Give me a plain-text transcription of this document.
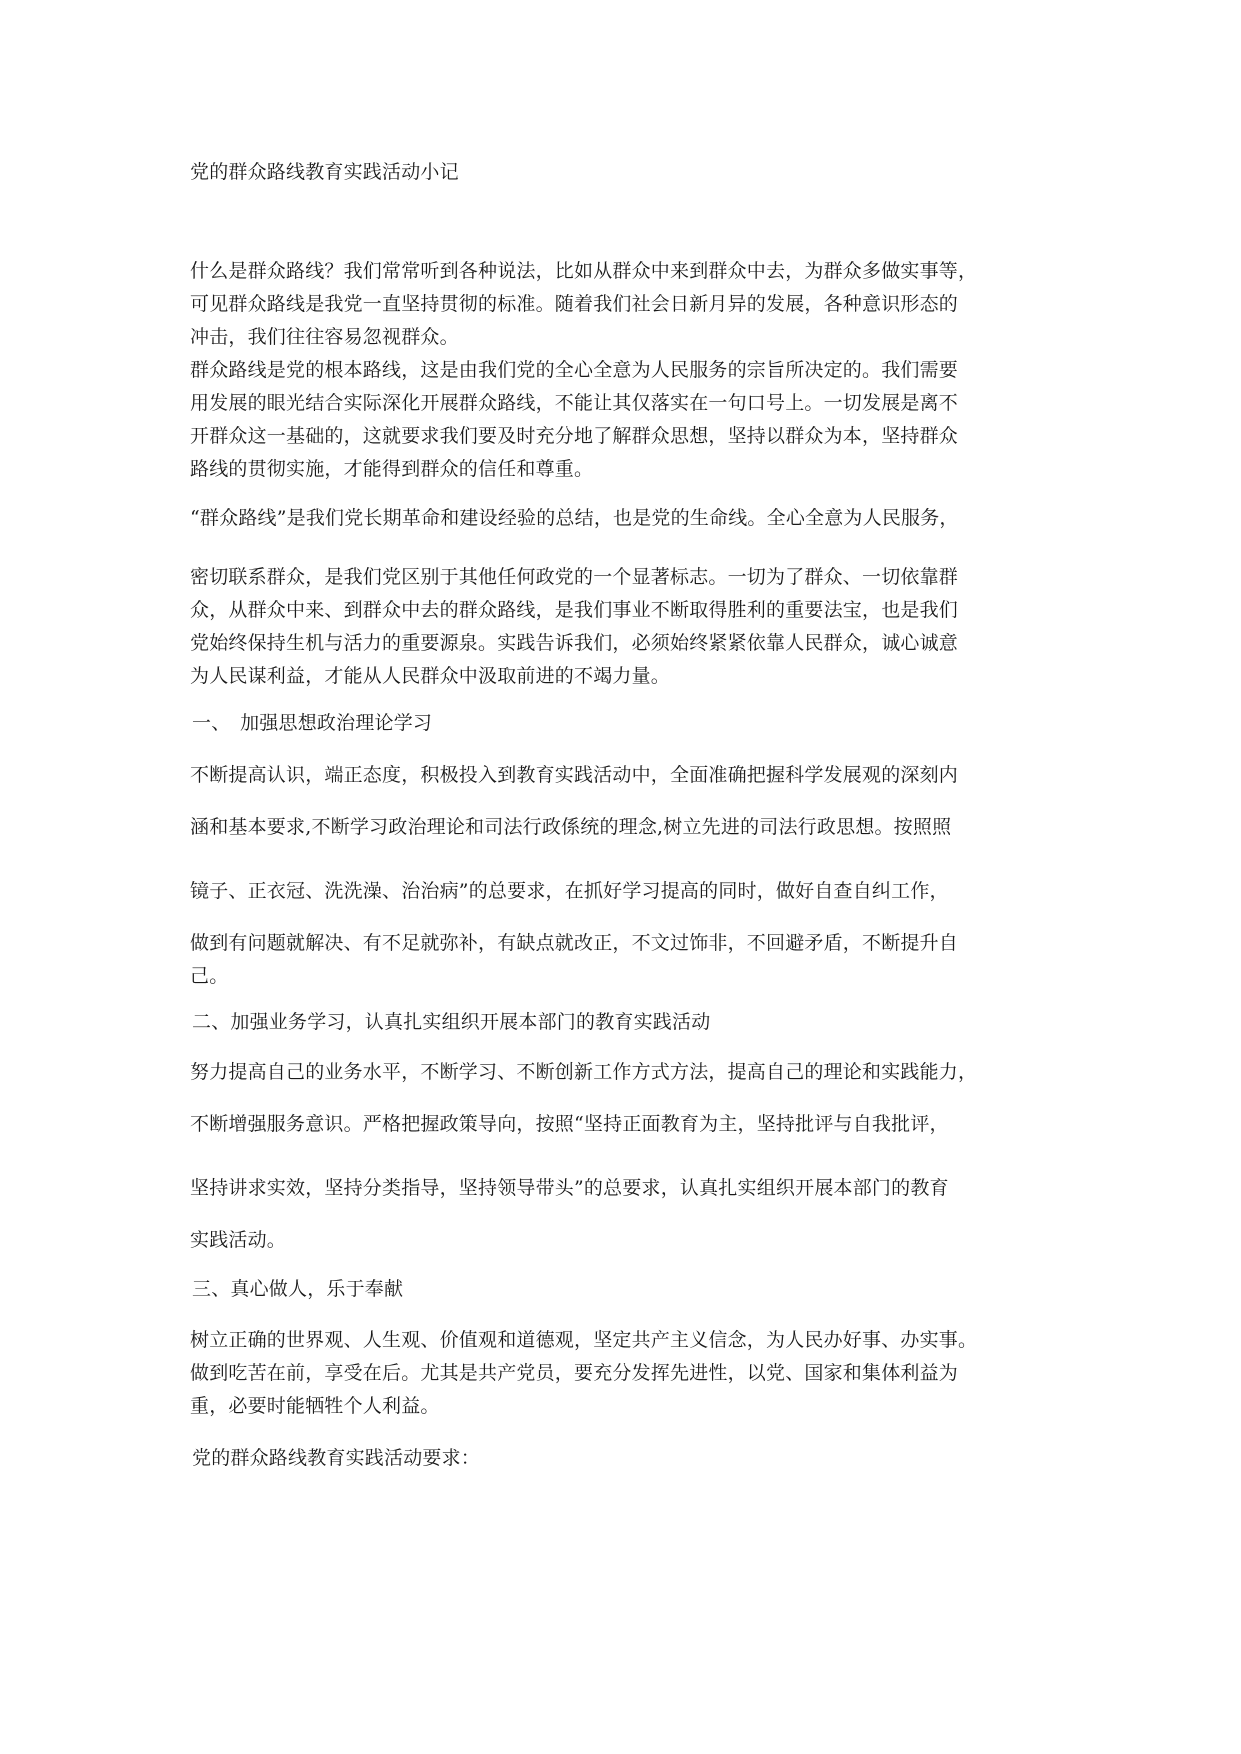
党的群众路线教育实践活动小记

什么是群众路线？我们常常听到各种说法，比如从群众中来到群众中去，为群众多做实事等，

可见群众路线是我党一直坚持贯彻的标准。随着我们社会日新月异的发展，各种意识形态的

冲击，我们往往容易忽视群众。

群众路线是党的根本路线，这是由我们党的全心全意为人民服务的宗旨所决定的。我们需要

用发展的眼光结合实际深化开展群众路线，不能让其仅落实在一句口号上。一切发展是离不

开群众这一基础的，这就要求我们要及时充分地了解群众思想，坚持以群众为本，坚持群众

路线的贯彻实施，才能得到群众的信任和尊重。

“群众路线”是我们党长期革命和建设经验的总结，也是党的生命线。全心全意为人民服务，

密切联系群众，是我们党区别于其他任何政党的一个显著标志。一切为了群众、一切依靠群

众，从群众中来、到群众中去的群众路线，是我们事业不断取得胜利的重要法宝，也是我们

党始终保持生机与活力的重要源泉。实践告诉我们，必须始终紧紧依靠人民群众，诚心诚意

为人民谋利益，才能从人民群众中汲取前进的不竭力量。

一、　加强思想政治理论学习

不断提高认识，端正态度，积极投入到教育实践活动中，全面准确把握科学发展观的深刻内

涵和基本要求,不断学习政治理论和司法行政係统的理念,树立先进的司法行政思想。按照照

镜子、正衣冠、洗洗澡、治治病”的总要求，在抓好学习提高的同时，做好自查自纠工作，

做到有问题就解决、有不足就弥补，有缺点就改正，不文过饰非，不回避矛盾，不断提升自

己。

二、加强业务学习，认真扎实组织开展本部门的教育实践活动

努力提高自己的业务水平，不断学习、不断创新工作方式方法，提高自己的理论和实践能力，

不断增强服务意识。严格把握政策导向，按照“坚持正面教育为主，坚持批评与自我批评，

坚持讲求实效，坚持分类指导，坚持领导带头”的总要求，认真扎实组织开展本部门的教育

实践活动。

三、真心做人，乐于奉献

树立正确的世界观、人生观、价值观和道德观，坚定共产主义信念，为人民办好事、办实事。

做到吃苦在前，享受在后。尤其是共产党员，要充分发挥先进性，以党、国家和集体利益为

重，必要时能牺牲个人利益。

党的群众路线教育实践活动要求：
